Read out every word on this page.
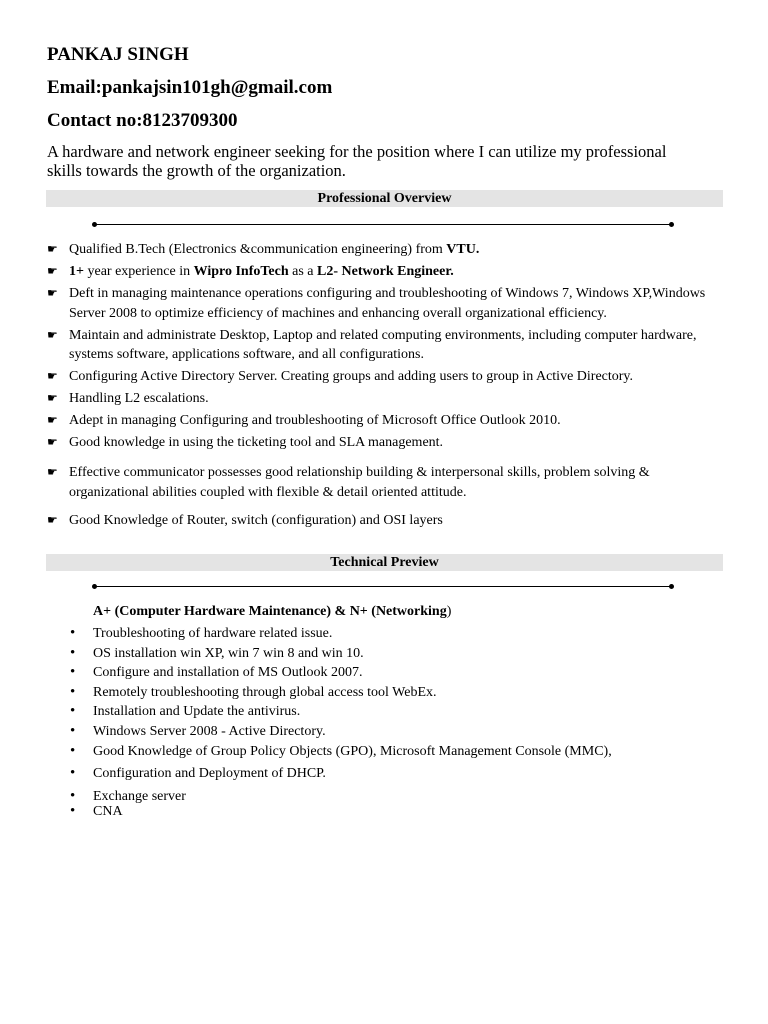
PANKAJ SINGH
Email:pankajsin101gh@gmail.com
Contact no:8123709300
A hardware and network engineer seeking for the position where I can utilize my professional skills towards the growth of the organization.
Professional Overview
☛ Qualified B.Tech (Electronics &communication engineering) from VTU.
☛ 1+ year experience in Wipro InfoTech as a L2- Network Engineer.
☛ Deft in managing maintenance operations configuring and troubleshooting of Windows 7, Windows XP,Windows Server 2008 to optimize efficiency of machines and enhancing overall organizational efficiency.
☛ Maintain and administrate Desktop, Laptop and related computing environments, including computer hardware, systems software, applications software, and all configurations.
☛ Configuring Active Directory Server. Creating groups and adding users to group in Active Directory.
☛ Handling L2 escalations.
☛ Adept in managing Configuring and troubleshooting of Microsoft Office Outlook 2010.
☛ Good knowledge in using the ticketing tool and SLA management.
☛ Effective communicator possesses good relationship building & interpersonal skills, problem solving & organizational abilities coupled with flexible & detail oriented attitude.
☛ Good Knowledge of Router, switch (configuration) and OSI layers
Technical Preview
A+ (Computer Hardware Maintenance) & N+ (Networking)
• Troubleshooting of hardware related issue.
• OS installation win XP, win 7 win 8 and win 10.
• Configure and installation of MS Outlook 2007.
• Remotely troubleshooting through global access tool WebEx.
• Installation and Update the antivirus.
• Windows Server 2008 - Active Directory.
• Good Knowledge of Group Policy Objects (GPO), Microsoft Management Console (MMC),
• Configuration and Deployment of DHCP.
• Exchange server
• CNA
